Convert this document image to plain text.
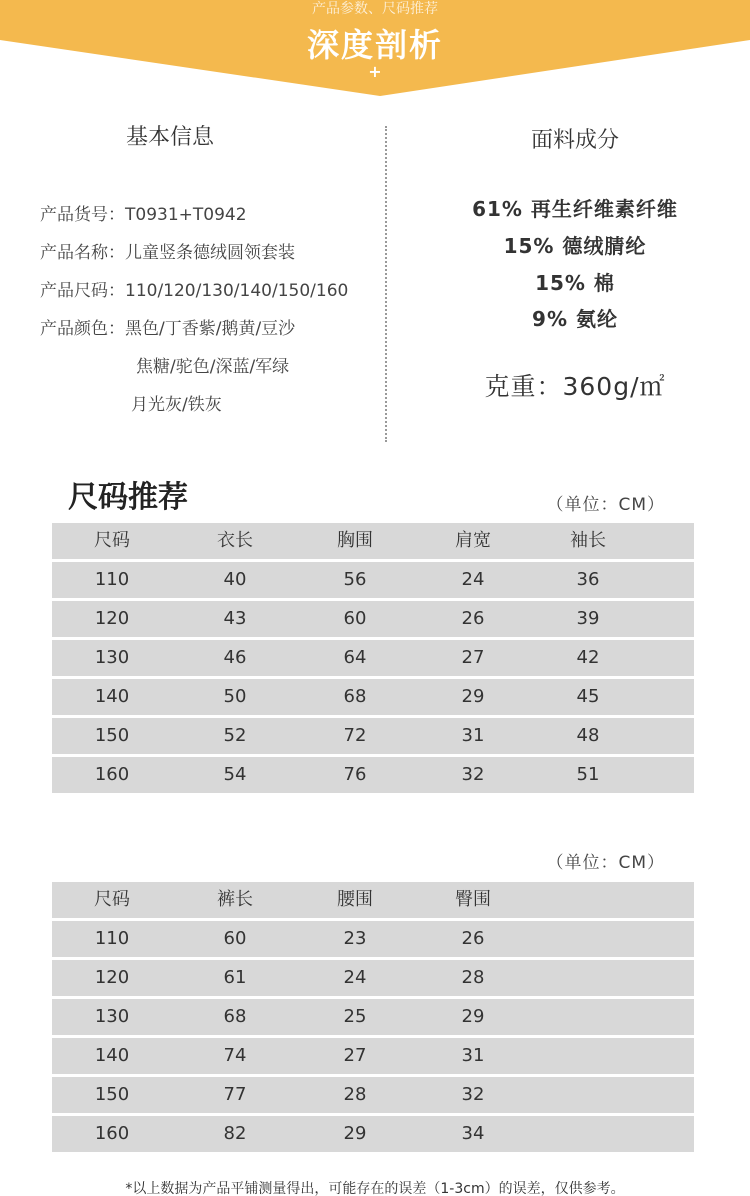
产品参数、尺码推荐
深度剖析
+
基本信息
产品货号：T0931+T0942
产品名称：儿童竖条德绒圆领套装
产品尺码：110/120/130/140/150/160
产品颜色：黑色/丁香紫/鹅黄/豆沙
焦糖/驼色/深蓝/军绿
月光灰/铁灰
面料成分
61% 再生纤维素纤维
15% 德绒腈纶
15% 棉
9% 氨纶
克重：360g/㎡
尺码推荐	（单位：CM）
尺码	衣长	胸围	肩宽	袖长
110	40	56	24	36
120	43	60	26	39
130	46	64	27	42
140	50	68	29	45
150	52	72	31	48
160	54	76	32	51
（单位：CM）
尺码	裤长	腰围	臀围
110	60	23	26
120	61	24	28
130	68	25	29
140	74	27	31
150	77	28	32
160	82	29	34
*以上数据为产品平铺测量得出，可能存在的误差（1-3cm）的误差，仅供参考。
